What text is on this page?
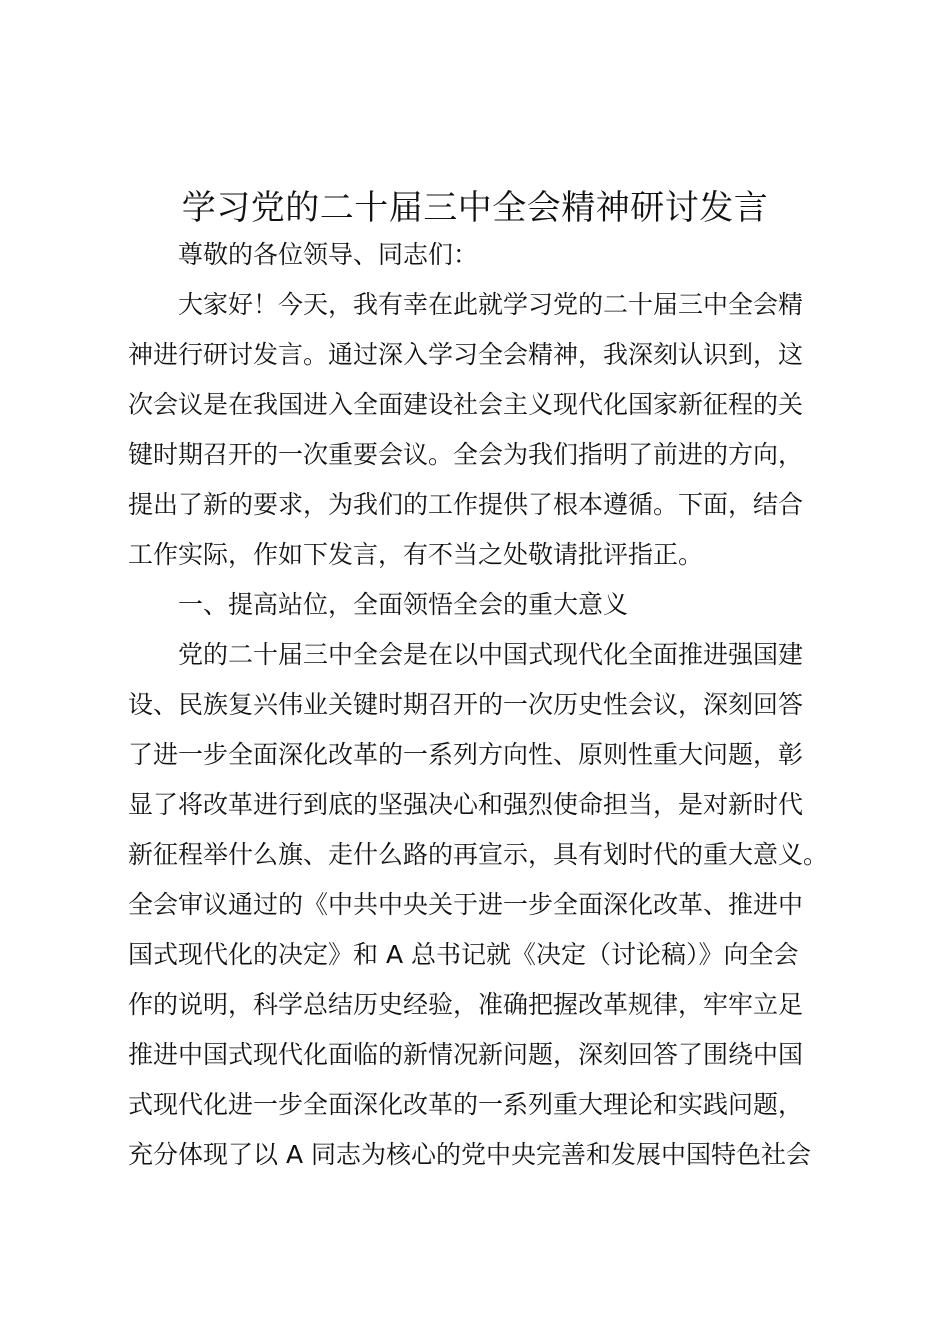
学习党的二十届三中全会精神研讨发言
尊敬的各位领导、同志们：
大家好！今天，我有幸在此就学习党的二十届三中全会精
神进行研讨发言。通过深入学习全会精神，我深刻认识到，这
次会议是在我国进入全面建设社会主义现代化国家新征程的关
键时期召开的一次重要会议。全会为我们指明了前进的方向，
提出了新的要求，为我们的工作提供了根本遵循。下面，结合
工作实际，作如下发言，有不当之处敬请批评指正。
一、提高站位，全面领悟全会的重大意义
党的二十届三中全会是在以中国式现代化全面推进强国建
设、民族复兴伟业关键时期召开的一次历史性会议，深刻回答
了进一步全面深化改革的一系列方向性、原则性重大问题，彰
显了将改革进行到底的坚强决心和强烈使命担当，是对新时代
新征程举什么旗、走什么路的再宣示，具有划时代的重大意义。
全会审议通过的《中共中央关于进一步全面深化改革、推进中
国式现代化的决定》和 A 总书记就《决定（讨论稿）》向全会
作的说明，科学总结历史经验，准确把握改革规律，牢牢立足
推进中国式现代化面临的新情况新问题，深刻回答了围绕中国
式现代化进一步全面深化改革的一系列重大理论和实践问题，
充分体现了以 A 同志为核心的党中央完善和发展中国特色社会
